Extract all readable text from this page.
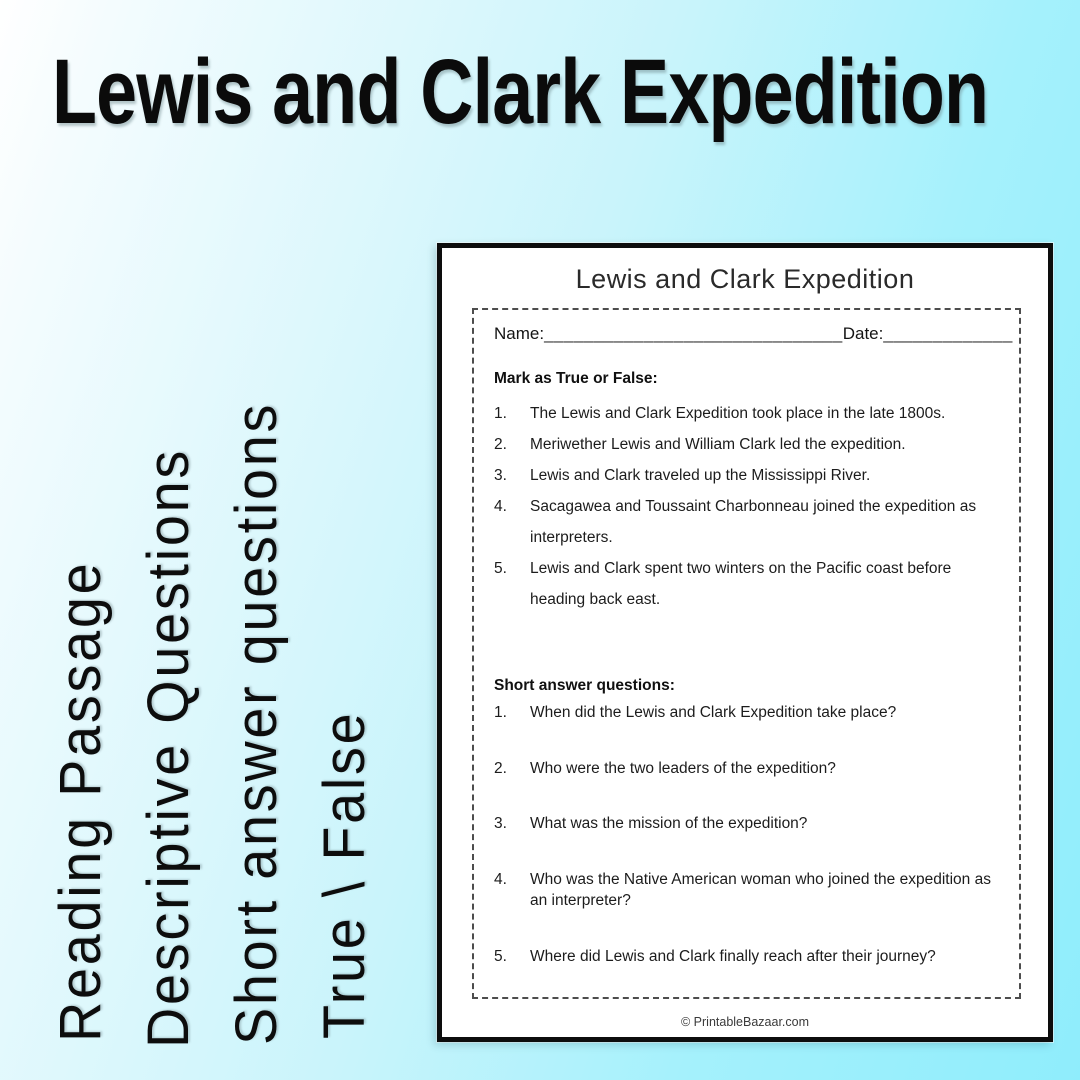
Lewis and Clark Expedition
Reading Passage Descriptive Questions Short answer questions True \ False
Lewis and Clark Expedition
Name:______________________________ Date:_____________
Mark as True or False:
1.	The Lewis and Clark Expedition took place in the late 1800s.
2.	Meriwether Lewis and William Clark led the expedition.
3.	Lewis and Clark traveled up the Mississippi River.
4.	Sacagawea and Toussaint Charbonneau joined the expedition as interpreters.
5.	Lewis and Clark spent two winters on the Pacific coast before heading back east.
Short answer questions:
1.	When did the Lewis and Clark Expedition take place?
2.	Who were the two leaders of the expedition?
3.	What was the mission of the expedition?
4.	Who was the Native American woman who joined the expedition as an interpreter?
5.	Where did Lewis and Clark finally reach after their journey?
© PrintableBazaar.com
